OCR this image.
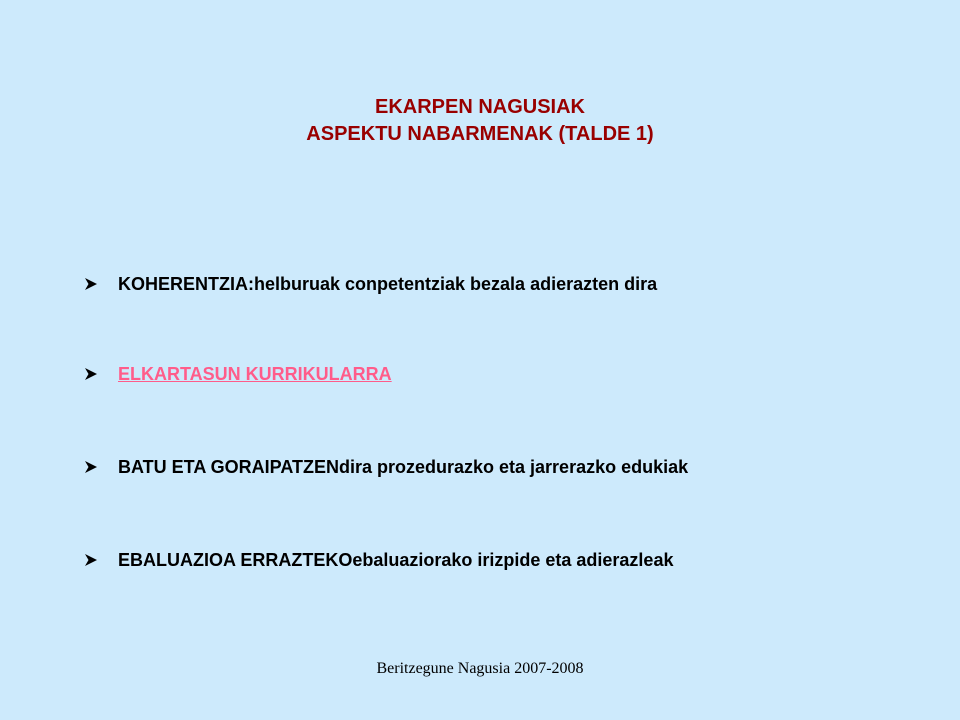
EKARPEN NAGUSIAK
ASPEKTU NABARMENAK (TALDE 1)
KOHERENTZIA: helburuak conpetentziak bezala adierazten dira
ELKARTASUN KURRIKULARRA
BATU ETA GORAIPATZEN dira prozedurazko eta jarrerazko edukiak
EBALUAZIOA ERRAZTEKO ebaluaziorako irizpide eta adierazleak
Beritzegune Nagusia 2007-2008
